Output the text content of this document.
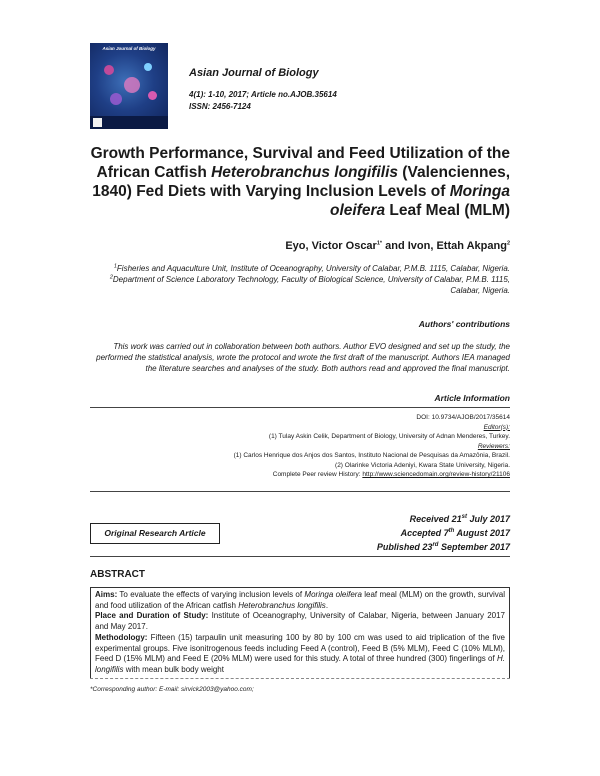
Asian Journal of Biology
Asian Journal of Biology
4(1): 1-10, 2017; Article no.AJOB.35614
ISSN: 2456-7124
Growth Performance, Survival and Feed Utilization of the African Catfish Heterobranchus longifilis (Valenciennes, 1840) Fed Diets with Varying Inclusion Levels of Moringa oleifera Leaf Meal (MLM)
Eyo, Victor Oscar$^{1*}$ and Ivon, Ettah Akpang$^2$
$^1$Fisheries and Aquaculture Unit, Institute of Oceanography, University of Calabar, P.M.B. 1115, Calabar, Nigeria.
$^2$Department of Science Laboratory Technology, Faculty of Biological Science, University of Calabar, P.M.B. 1115, Calabar, Nigeria.
Authors' contributions
This work was carried out in collaboration between both authors. Author EVO designed and set up the study, the performed the statistical analysis, wrote the protocol and wrote the first draft of the manuscript. Authors IEA managed the literature searches and analyses of the study. Both authors read and approved the final manuscript.
Article Information
DOI: 10.9734/AJOB/2017/35614
Editor(s):
(1) Tulay Askin Celik, Department of Biology, University of Adnan Menderes, Turkey.
Reviewers:
(1) Carlos Henrique dos Anjos dos Santos, Instituto Nacional de Pesquisas da Amazônia, Brazil.
(2) Olarinke Victoria Adeniyi, Kwara State University, Nigeria.
Complete Peer review History: http://www.sciencedomain.org/review-history/21106
Received 21st July 2017
Accepted 7th August 2017
Published 23rd September 2017
Original Research Article
ABSTRACT

Aims: To evaluate the effects of varying inclusion levels of Moringa oleifera leaf meal (MLM) on the growth, survival and food utilization of the African catfish Heterobranchus longifilis.

Place and Duration of Study: Institute of Oceanography, University of Calabar, Nigeria, between January 2017 and May 2017.

Methodology: Fifteen (15) tarpaulin unit measuring 100 by 80 by 100 cm was used to aid triplication of the five experimental groups. Five isonitrogenous feeds including Feed A (control), Feed B (5% MLM), Feed C (10% MLM), Feed D (15% MLM) and Feed E (20% MLM) were used for this study. A total of three hundred (300) fingerlings of H. longifilis with mean bulk body weight

*Corresponding author: E-mail: sirvick2003@yahoo.com;
